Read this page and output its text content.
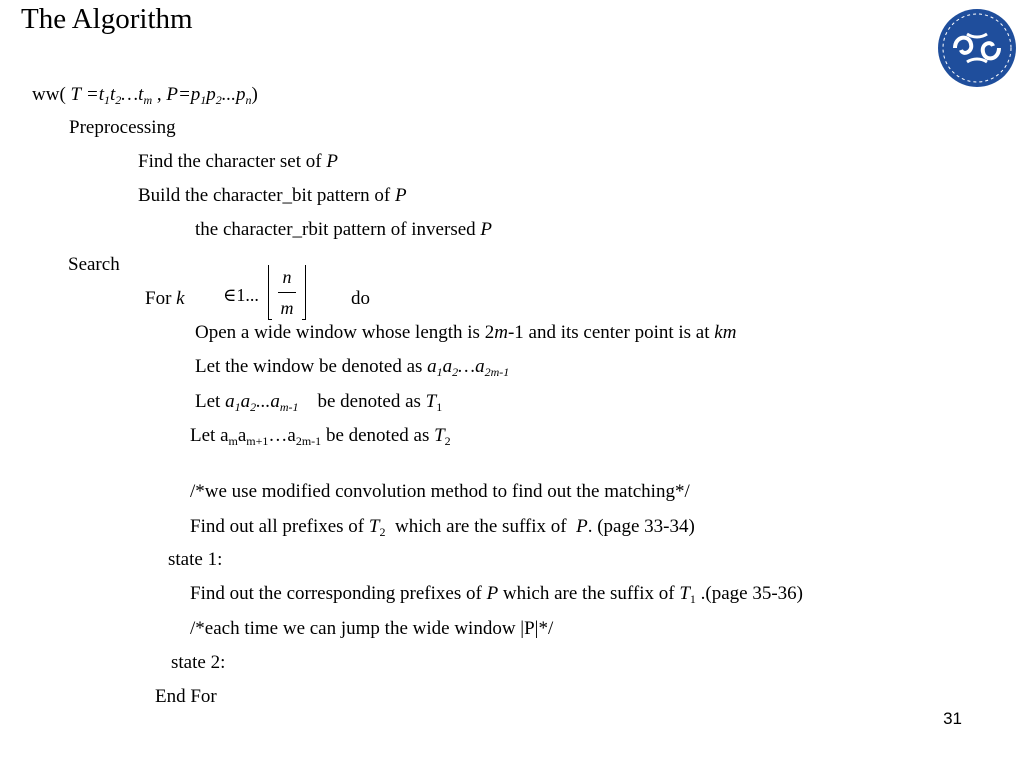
The Algorithm
ww( $T =t_1t_2\dots t_m$ , $P=p_1p_2...p_n$)
Preprocessing
Find the character set of P
Build the character_bit pattern of P
the character_rbit pattern of inversed P
Search
For k ∈1...
n
m	do
Open a wide window whose length is 2m-1 and its center point is at km
Let the window be denoted as $a_1a_2\dots a_{2m-1}$
Let $a_1a_2...a_{m-1}$ be denoted as $T_1$
Let $a_ma_{m+1}\dots a_{2m-1}$ be denoted as $T_2$
/*we use modified convolution method to find out the matching*/
Find out all prefixes of $T_2$ which are the suffix of P. (page 33-34)
state 1:
Find out the corresponding prefixes of P which are the suffix of $T_1$ .(page 35-36)
/*each time we can jump the wide window |P|*/
state 2:
End For
31
